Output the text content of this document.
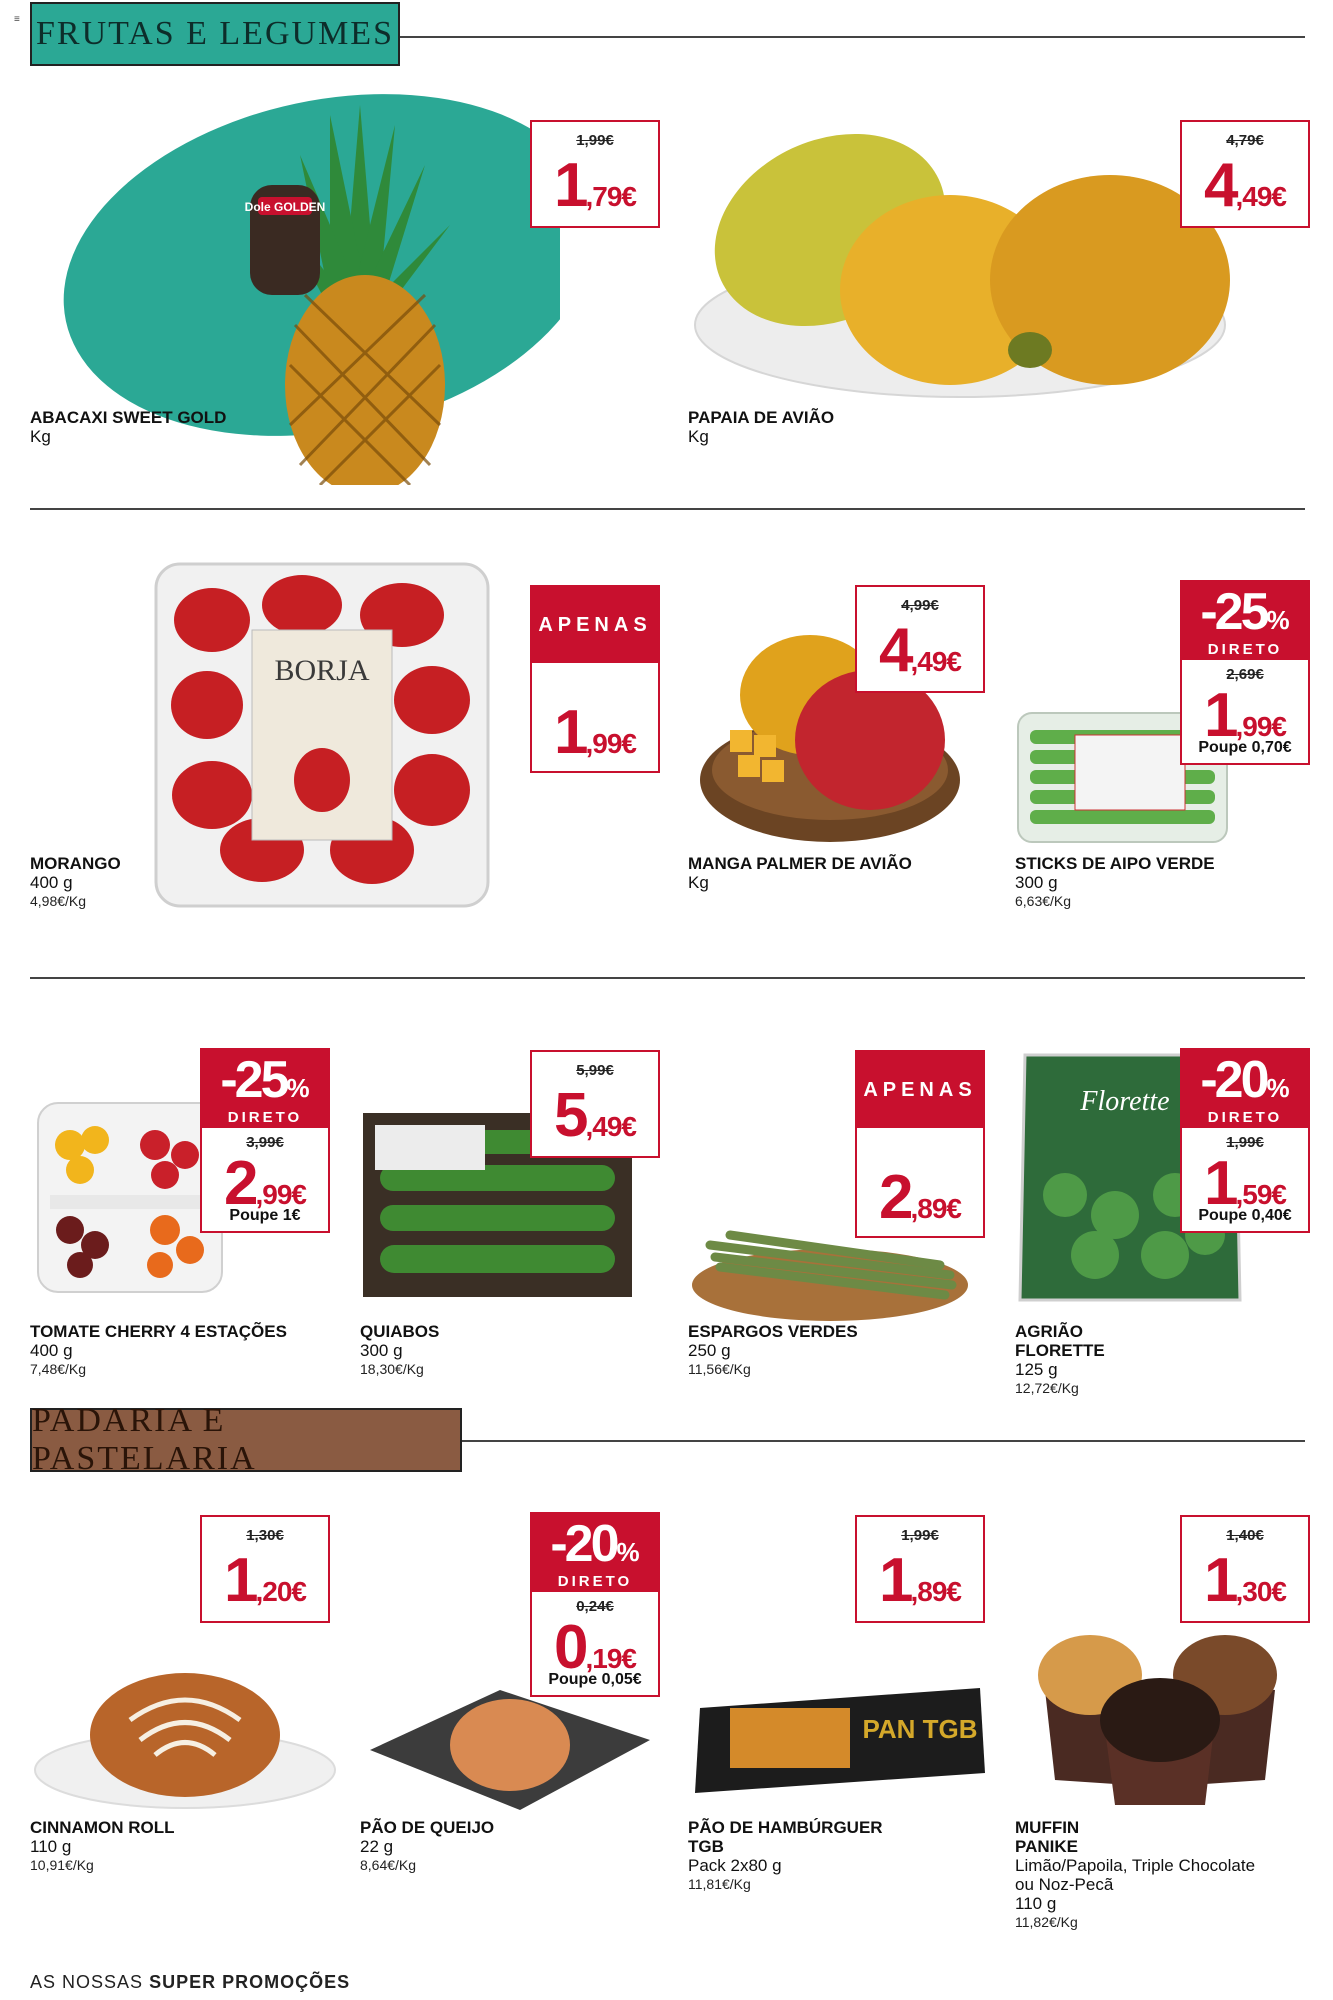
FRUTAS E LEGUMES
≡
Dole GOLDEN
1,99€
1,79€
ABACAXI SWEET GOLD
Kg
4,79€
4,49€
PAPAIA DE AVIÃO
Kg
BORJA
APENAS
1,99€
MORANGO
400 g
4,98€/Kg
4,99€
4,49€
MANGA PALMER DE AVIÃO
Kg
-25%
DIRETO
2,69€
1,99€
Poupe 0,70€
STICKS DE AIPO VERDE
300 g
6,63€/Kg
-25%
DIRETO
3,99€
2,99€
Poupe 1€
TOMATE CHERRY 4 ESTAÇÕES
400 g
7,48€/Kg
5,99€
5,49€
QUIABOS
300 g
18,30€/Kg
APENAS
2,89€
ESPARGOS VERDES
250 g
11,56€/Kg
Florette -20%
DIRETO
1,99€
1,59€
Poupe 0,40€
AGRIÃO
FLORETTE
125 g
12,72€/Kg
PADARIA E PASTELARIA
1,30€
1,20€
CINNAMON ROLL
110 g
10,91€/Kg
-20%
DIRETO
0,24€
0,19€
Poupe 0,05€
PÃO DE QUEIJO
22 g
8,64€/Kg
PAN TGB
1,99€
1,89€
PÃO DE HAMBÚRGUER
TGB
Pack 2x80 g
11,81€/Kg
1,40€
1,30€
MUFFIN
PANIKE
Limão/Papoila, Triple Chocolate
ou Noz-Pecã
110 g
11,82€/Kg
AS NOSSAS SUPER PROMOÇÕES
